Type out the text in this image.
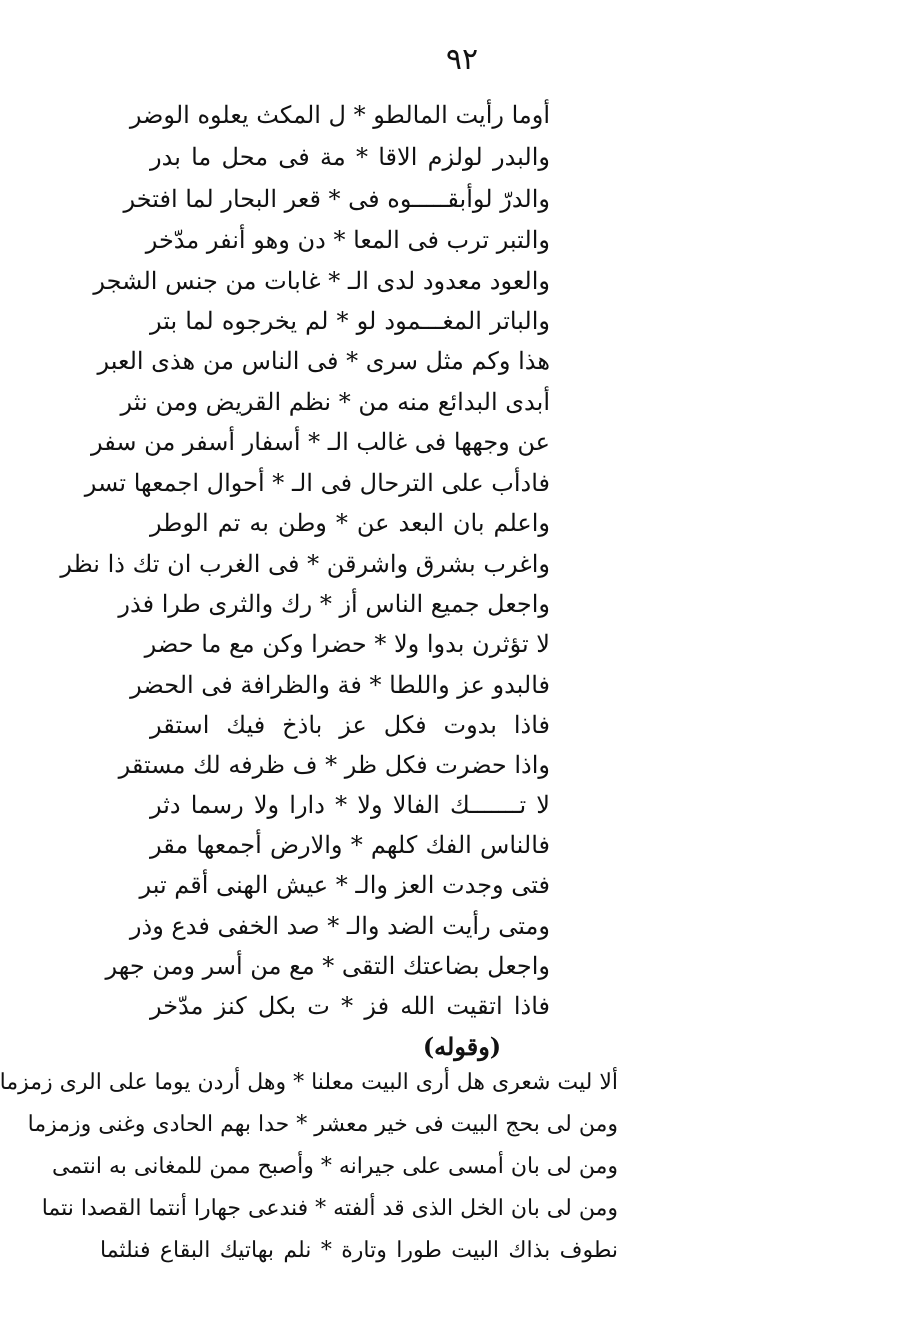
٩٢
أوما رأيت المالطو * ل المكث يعلوه الوضر
والبدر لولزم الاقا * مة فى محل ما بدر
والدرّ لوأبقـــــوه فى * قعر البحار لما افتخر
والتبر ترب فى المعا * دن وهو أنفر مدّخر
والعود معدود لدى الـ * غابات من جنس الشجر
والباتر المغـــمود لو * لم يخرجوه لما بتر
هذا وكم مثل سرى * فى الناس من هذى العبر
أبدى البدائع منه من * نظم القريض ومن نثر
عن وجهها فى غالب الـ * أسفار أسفر من سفر
فادأب على الترحال فى الـ * أحوال اجمعها تسر
واعلم بان البعد عن * وطن به تم الوطر
واغرب بشرق واشرقن * فى الغرب ان تك ذا نظر
واجعل جميع الناس أز * رك والثرى طرا فذر
لا تؤثرن بدوا ولا * حضرا وكن مع ما حضر
فالبدو عز واللطا * فة والظرافة فى الحضر
فاذا بدوت فكل عز باذخ فيك استقر
واذا حضرت فكل ظر * ف ظرفه لك مستقر
لا تـــــــك الفالا ولا * دارا ولا رسما دثر
فالناس الفك كلهم * والارض أجمعها مقر
فتى وجدت العز والـ * عيش الهنى أقم تبر
ومتى رأيت الضد والـ * صد الخفى فدع وذر
واجعل بضاعتك التقى * مع من أسر ومن جهر
فاذا اتقيت الله فز * ت بكل كنز مدّخر
(وقوله)
ألا ليت شعرى هل أرى البيت معلنا * وهل أردن يوما على الرى زمزما
ومن لى بحج البيت فى خير معشر * حدا بهم الحادى وغنى وزمزما
ومن لى بان أمسى على جيرانه * وأصبح ممن للمغانى به انتمى
ومن لى بان الخل الذى قد ألفته * فندعى جهارا أنتما القصدا نتما
نطوف بذاك البيت طورا وتارة * نلم بهاتيك البقاع فنلثما
